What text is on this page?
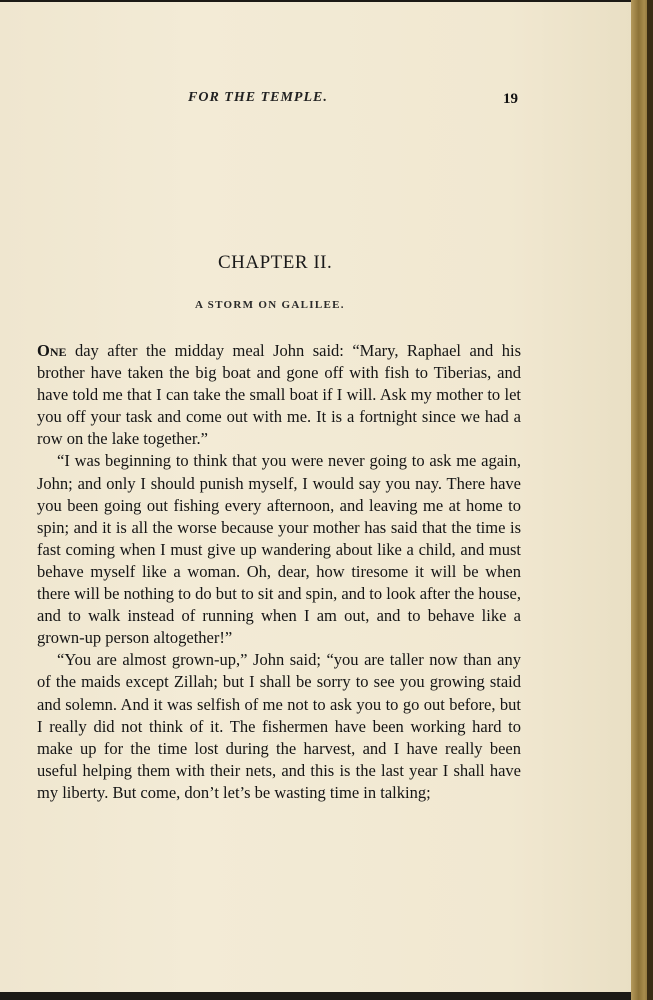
FOR THE TEMPLE.	19
CHAPTER II.
A STORM ON GALILEE.

One day after the midday meal John said: “Mary, Raphael and his brother have taken the big boat and gone off with fish to Tiberias, and have told me that I can take the small boat if I will. Ask my mother to let you off your task and come out with me. It is a fortnight since we had a row on the lake together.”

“I was beginning to think that you were never going to ask me again, John; and only I should punish myself, I would say you nay. There have you been going out fishing every afternoon, and leaving me at home to spin; and it is all the worse because your mother has said that the time is fast coming when I must give up wandering about like a child, and must behave myself like a woman. Oh, dear, how tiresome it will be when there will be nothing to do but to sit and spin, and to look after the house, and to walk instead of running when I am out, and to behave like a grown-up person altogether!”

“You are almost grown-up,” John said; “you are taller now than any of the maids except Zillah; but I shall be sorry to see you growing staid and solemn. And it was selfish of me not to ask you to go out before, but I really did not think of it. The fishermen have been working hard to make up for the time lost during the harvest, and I have really been useful helping them with their nets, and this is the last year I shall have my liberty. But come, don’t let’s be wasting time in talking;
